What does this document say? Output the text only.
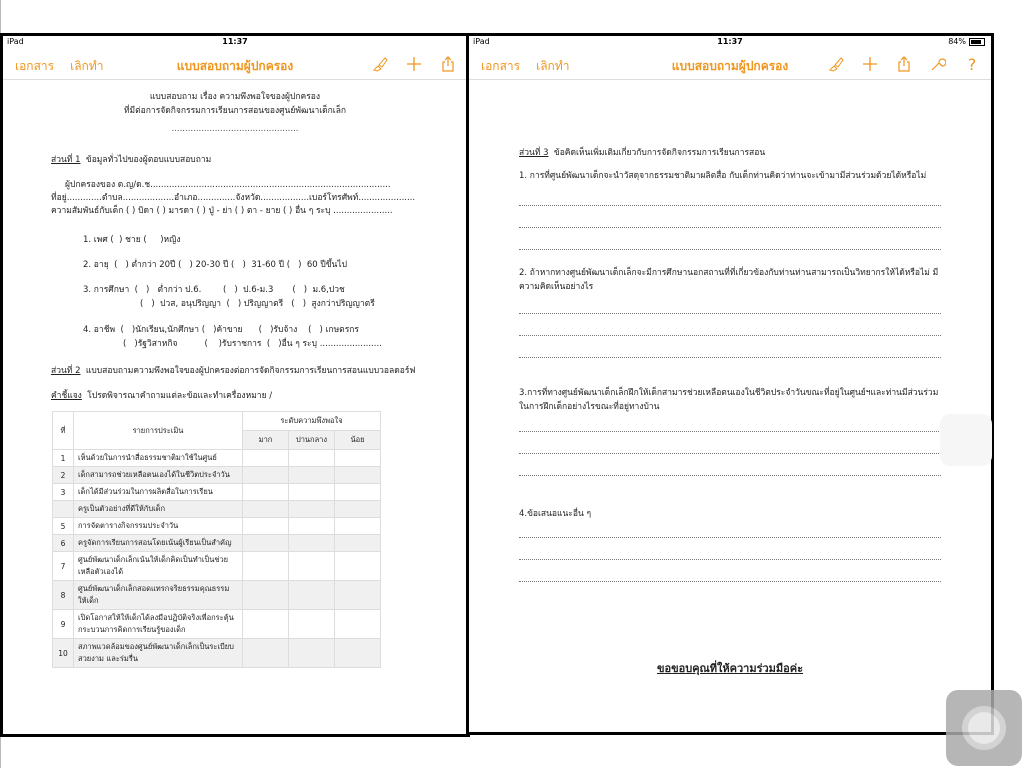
iPad	11:37
เอกสาร เลิกทำ	แบบสอบถามผู้ปกครอง
แบบสอบถาม เรื่อง ความพึงพอใจของผู้ปกครอง
ที่มีต่อการจัดกิจกรรมการเรียนการสอนของศูนย์พัฒนาเด็กเล็ก
...............................................
ส่วนที่ 1 ข้อมูลทั่วไปของผู้ตอบแบบสอบถาม
ผู้ปกครองของ ด.ญ/ด.ช.........................................................................................
ที่อยู่.............ตำบล...................อำเภอ..............จังหวัด..................เบอร์โทรศัพท์.....................
ความสัมพันธ์กับเด็ก ( ) บิดา ( ) มารดา ( ) ปู่ - ย่า ( ) ตา - ยาย ( ) อื่น ๆ ระบุ ......................
1. เพศ (  ) ชาย (     )หญิง
2. อายุ  (   ) ต่ำกว่า 20ปี (   ) 20-30 ปี (   )  31-60 ปี (   )  60 ปีขึ้นไป
3. การศึกษา  (   )   ต่ำกว่า ป.6.        (   )  ป.6-ม.3       (   )  ม.6,ปวช
(   )  ปวส, อนุปริญญา  (   ) ปริญญาตรี   (   )  สูงกว่าปริญญาตรี
4. อาชีพ  (   )นักเรียน,นักศึกษา (   )ค้าขาย      (   )รับจ้าง    (   ) เกษตรกร
(   )รัฐวิสาหกิจ          (    )รับราชการ  (   )อื่น ๆ ระบุ .......................
ส่วนที่ 2 แบบสอบถามความพึงพอใจของผู้ปกครองต่อการจัดกิจกรรมการเรียนการสอนแบบวอลดอร์ฟ
คำชี้แจง โปรดพิจารณาคำถามแต่ละข้อและทำเครื่องหมาย /
ที่	รายการประเมิน	ระดับความพึงพอใจ		
		มาก	ปานกลาง	น้อย
1	เห็นด้วยในการนำสื่อธรรมชาติมาใช้ในศูนย์			
2	เด็กสามารถช่วยเหลือตนเองได้ในชีวิตประจำวัน			
3	เด็กได้มีส่วนร่วมในการผลิตสื่อในการเรียน			
	ครูเป็นตัวอย่างที่ดีให้กับเด็ก			
5	การจัดตารางกิจกรรมประจำวัน			
6	ครูจัดการเรียนการสอนโดยเน้นผู้เรียนเป็นสำคัญ			
7	ศูนย์พัฒนาเด็กเล็กเน้นให้เด็กคิดเป็นทำเป็นช่วยเหลือตัวเองได้			
8	ศูนย์พัฒนาเด็กเล็กสอดแทรกจริยธรรมคุณธรรม ให้เด็ก			
9	เปิดโอกาสให้ให้เด็กได้ลงมือปฏิบัติจริงเพื่อกระตุ้นกระบวนการคิดการเรียนรู้ของเด็ก			
10	สภาพแวดล้อมของศูนย์พัฒนาเด็กเล็กเป็นระเบียบ สวยงาม และร่มรื่น			
iPad	11:37	84%
เอกสาร เลิกทำ	แบบสอบถามผู้ปกครอง	?
ส่วนที่ 3 ข้อคิดเห็นเพิ่มเติมเกี่ยวกับการจัดกิจกรรมการเรียนการสอน
1. การที่ศูนย์พัฒนาเด็กจะนำวัสดุจากธรรมชาติมาผลิตสื่อ กับเด็กท่านคิดว่าท่านจะเข้ามามีส่วนร่วมด้วยได้หรือไม่
2. ถ้าหากทางศูนย์พัฒนาเด็กเล็กจะมีการศึกษานอกสถานที่ที่เกี่ยวข้องกับท่านท่านสามารถเป็นวิทยากรให้ได้หรือไม่ มีความคิดเห็นอย่างไร
3.การที่ทางศูนย์พัฒนาเด็กเล็กฝึกให้เด็กสามารช่วยเหลือตนเองในชีวิตประจำวันขณะที่อยู่ในศูนย์ฯและท่านมีส่วนร่วมในการฝึกเด็กอย่างไรขณะที่อยู่ทางบ้าน
4.ข้อเสนอแนะอื่น ๆ
ขอขอบคุณที่ให้ความร่วมมือค่ะ
